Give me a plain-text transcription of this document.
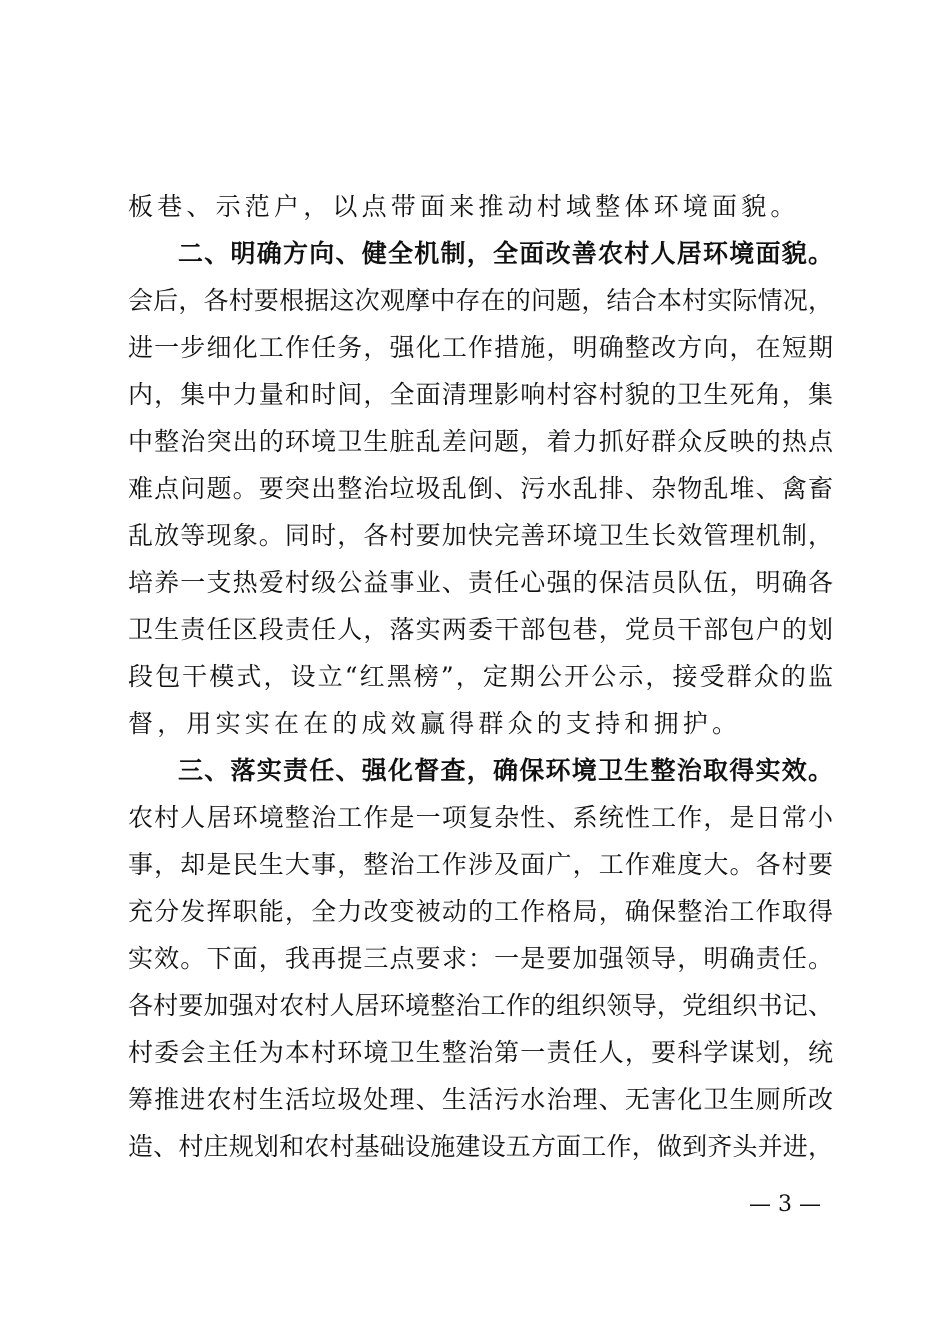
板巷、示范户，以点带面来推动村域整体环境面貌。
二、明确方向、健全机制，全面改善农村人居环境面貌。
会后，各村要根据这次观摩中存在的问题，结合本村实际情况，
进一步细化工作任务，强化工作措施，明确整改方向，在短期
内，集中力量和时间，全面清理影响村容村貌的卫生死角，集
中整治突出的环境卫生脏乱差问题，着力抓好群众反映的热点
难点问题。要突出整治垃圾乱倒、污水乱排、杂物乱堆、禽畜
乱放等现象。同时，各村要加快完善环境卫生长效管理机制，
培养一支热爱村级公益事业、责任心强的保洁员队伍，明确各
卫生责任区段责任人，落实两委干部包巷，党员干部包户的划
段包干模式，设立“红黑榜”，定期公开公示，接受群众的监
督，用实实在在的成效赢得群众的支持和拥护。
三、落实责任、强化督查，确保环境卫生整治取得实效。
农村人居环境整治工作是一项复杂性、系统性工作，是日常小
事，却是民生大事，整治工作涉及面广，工作难度大。各村要
充分发挥职能，全力改变被动的工作格局，确保整治工作取得
实效。下面，我再提三点要求：一是要加强领导，明确责任。
各村要加强对农村人居环境整治工作的组织领导，党组织书记、
村委会主任为本村环境卫生整治第一责任人，要科学谋划，统
筹推进农村生活垃圾处理、生活污水治理、无害化卫生厕所改
造、村庄规划和农村基础设施建设五方面工作，做到齐头并进，
— 3 —
